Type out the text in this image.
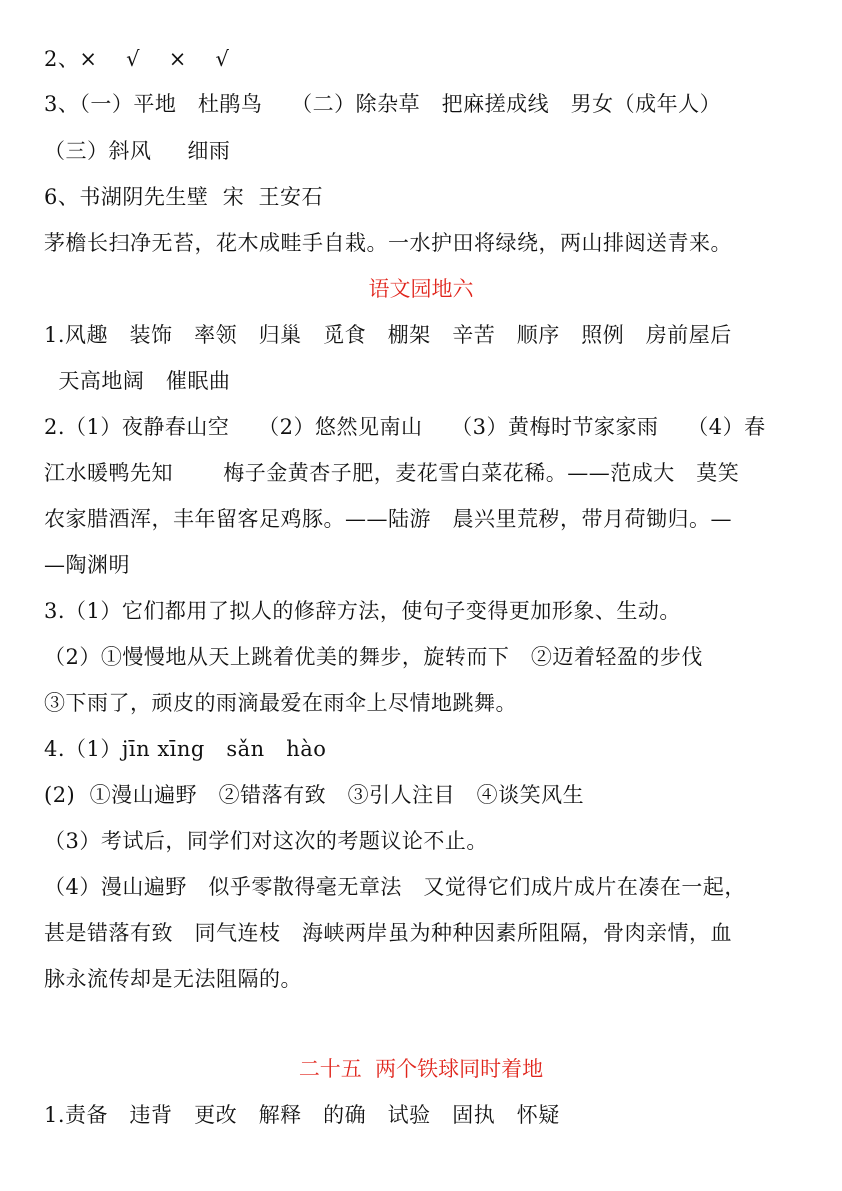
2、×    √    ×    √
3、（一）平地   杜鹃鸟    （二）除杂草   把麻搓成线   男女（成年人）
（三）斜风     细雨
6、书湖阴先生壁  宋  王安石
茅檐长扫净无苔，花木成畦手自栽。一水护田将绿绕，两山排闼送青来。
语文园地六
1.风趣   装饰   率领   归巢   觅食   棚架   辛苦   顺序   照例   房前屋后
天高地阔   催眠曲
2.（1）夜静春山空    （2）悠然见南山    （3）黄梅时节家家雨    （4）春
江水暖鸭先知       梅子金黄杏子肥，麦花雪白菜花稀。——范成大   莫笑
农家腊酒浑，丰年留客足鸡豚。——陆游   晨兴里荒秽，带月荷锄归。—
—陶渊明
3.（1）它们都用了拟人的修辞方法，使句子变得更加形象、生动。
（2）①慢慢地从天上跳着优美的舞步，旋转而下   ②迈着轻盈的步伐
③下雨了，顽皮的雨滴最爱在雨伞上尽情地跳舞。
4.（1）jīn xīng   sǎn   hào
(2)  ①漫山遍野   ②错落有致   ③引人注目   ④谈笑风生
（3）考试后，同学们对这次的考题议论不止。
（4）漫山遍野   似乎零散得毫无章法   又觉得它们成片成片在凑在一起，
甚是错落有致   同气连枝   海峡两岸虽为种种因素所阻隔，骨肉亲情，血
脉永流传却是无法阻隔的。
二十五  两个铁球同时着地
1.责备   违背   更改   解释   的确   试验   固执   怀疑
